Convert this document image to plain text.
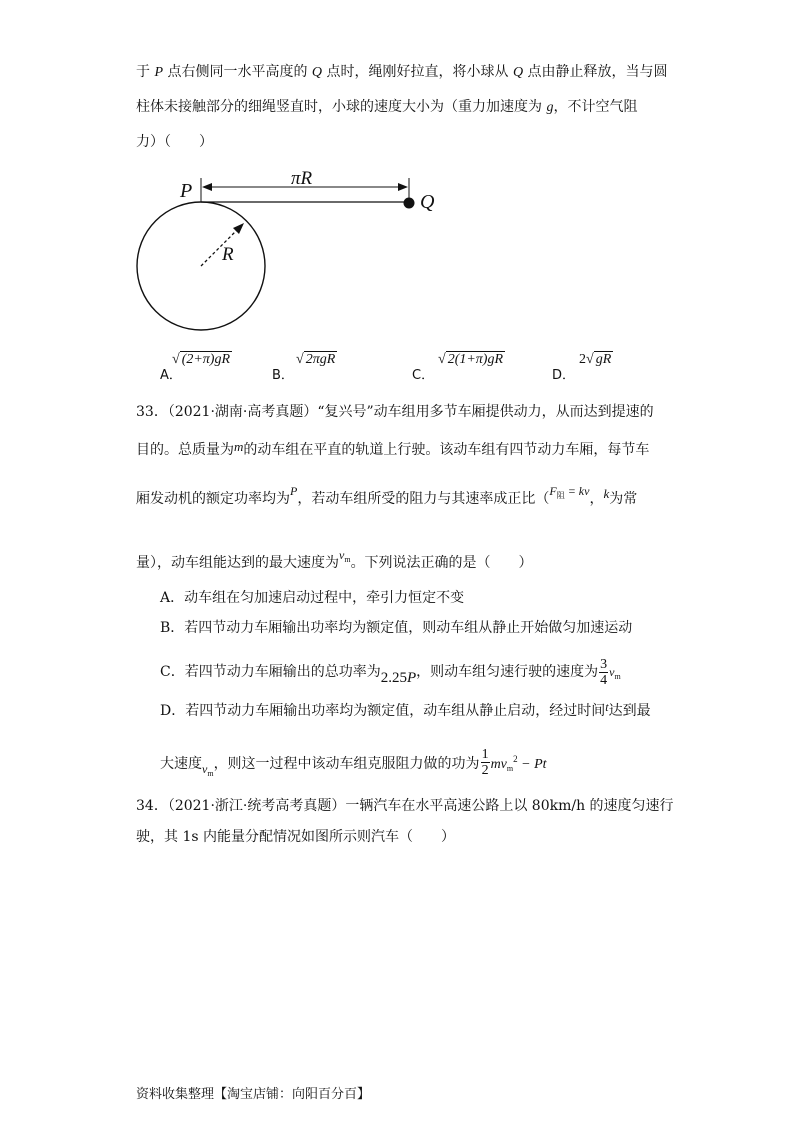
于 P 点右侧同一水平高度的 Q 点时，绳刚好拉直，将小球从 Q 点由静止释放，当与圆
柱体未接触部分的细绳竖直时，小球的速度大小为（重力加速度为 g，不计空气阻
力）（　　）
P	Q
πR
R
A．
√ (2+π)gR
B．
√ 2πgR
C．
√ 2(1+π)gR
D．
2√ gR
33．（2021·湖南·高考真题）“复兴号”动车组用多节车厢提供动力，从而达到提速的
目的。总质量为m的动车组在平直的轨道上行驶。该动车组有四节动力车厢，每节车
厢发动机的额定功率均为P，若动车组所受的阻力与其速率成正比（$F_阻$ = kv，k为常
量），动车组能达到的最大速度为$v_m$。下列说法正确的是（　　）
A．动车组在匀加速启动过程中，牵引力恒定不变
B．若四节动力车厢输出功率均为额定值，则动车组从静止开始做匀加速运动
C．若四节动力车厢输出的总功率为2.25P，则动车组匀速行驶的速度为 $\frac{3}{4} v_m$
D．若四节动力车厢输出功率均为额定值，动车组从静止启动，经过时间t达到最
大速度$v_m$，则这一过程中该动车组克服阻力做的功为 $\frac{1}{2} mv_m^2 - Pt$
34．（2021·浙江·统考高考真题）一辆汽车在水平高速公路上以 80km/h 的速度匀速行
驶，其 1s 内能量分配情况如图所示则汽车（　　）
资料收集整理【淘宝店铺：向阳百分百】
